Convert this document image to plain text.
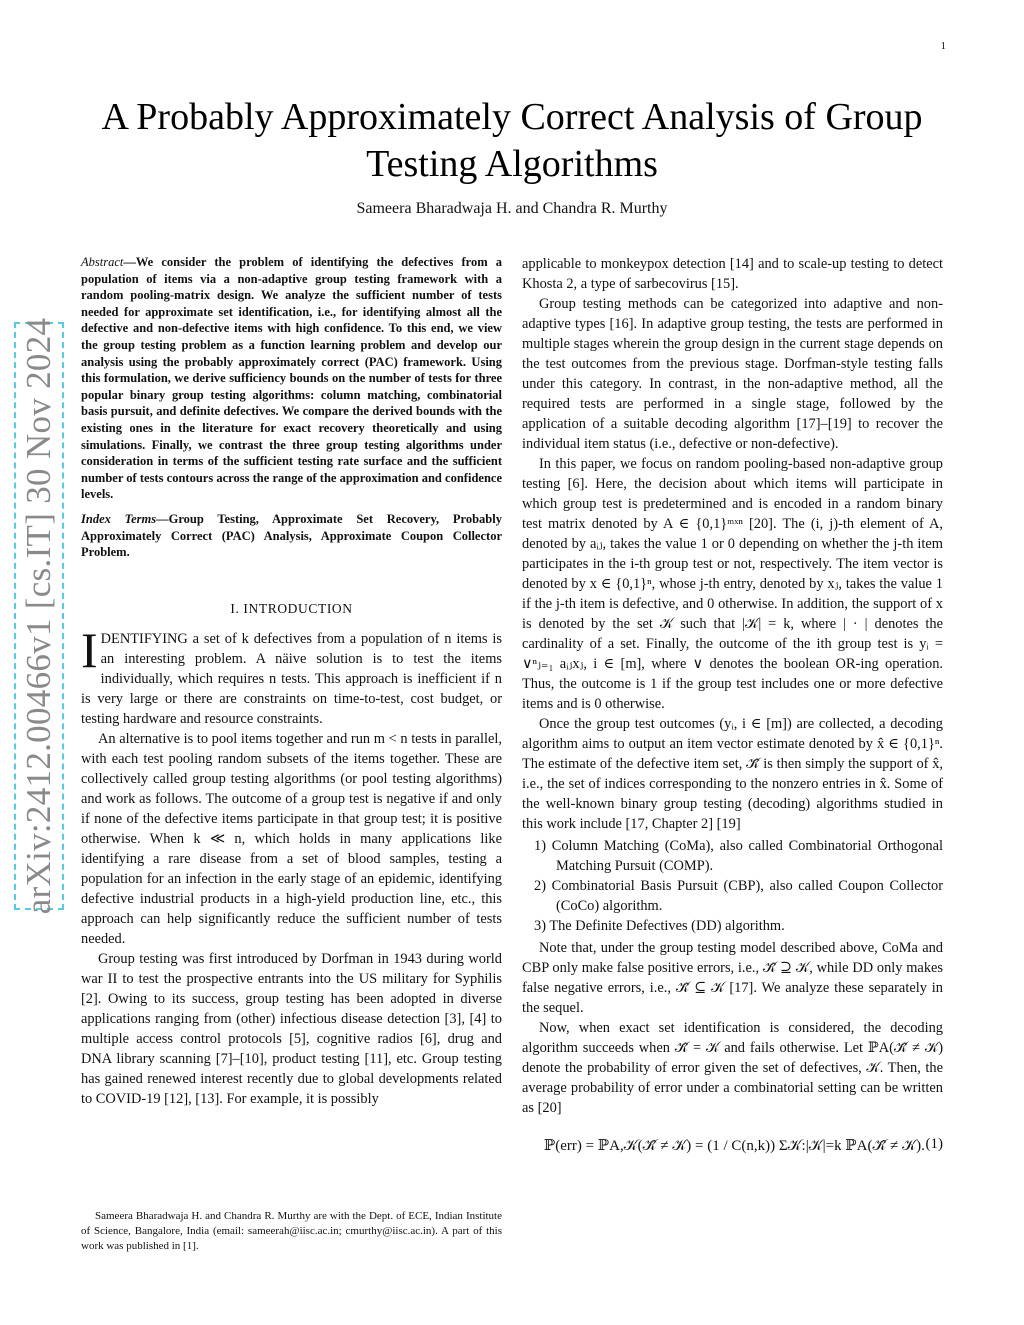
1
arXiv:2412.00466v1 [cs.IT] 30 Nov 2024
A Probably Approximately Correct Analysis of Group Testing Algorithms
Sameera Bharadwaja H. and Chandra R. Murthy

Abstract—We consider the problem of identifying the defectives from a population of items via a non-adaptive group testing framework with a random pooling-matrix design. We analyze the sufficient number of tests needed for approximate set identification, i.e., for identifying almost all the defective and non-defective items with high confidence. To this end, we view the group testing problem as a function learning problem and develop our analysis using the probably approximately correct (PAC) framework. Using this formulation, we derive sufficiency bounds on the number of tests for three popular binary group testing algorithms: column matching, combinatorial basis pursuit, and definite defectives. We compare the derived bounds with the existing ones in the literature for exact recovery theoretically and using simulations. Finally, we contrast the three group testing algorithms under consideration in terms of the sufficient testing rate surface and the sufficient number of tests contours across the range of the approximation and confidence levels.

Index Terms—Group Testing, Approximate Set Recovery, Probably Approximately Correct (PAC) Analysis, Approximate Coupon Collector Problem.

I. INTRODUCTION

IDENTIFYING a set of k defectives from a population of n items is an interesting problem. A näive solution is to test the items individually, which requires n tests. This approach is inefficient if n is very large or there are constraints on time-to-test, cost budget, or testing hardware and resource constraints.

An alternative is to pool items together and run m < n tests in parallel, with each test pooling random subsets of the items together. These are collectively called group testing algorithms (or pool testing algorithms) and work as follows. The outcome of a group test is negative if and only if none of the defective items participate in that group test; it is positive otherwise. When k ≪ n, which holds in many applications like identifying a rare disease from a set of blood samples, testing a population for an infection in the early stage of an epidemic, identifying defective industrial products in a high-yield production line, etc., this approach can help significantly reduce the sufficient number of tests needed.

Group testing was first introduced by Dorfman in 1943 during world war II to test the prospective entrants into the US military for Syphilis [2]. Owing to its success, group testing has been adopted in diverse applications ranging from (other) infectious disease detection [3], [4] to multiple access control protocols [5], cognitive radios [6], drug and DNA library scanning [7]–[10], product testing [11], etc. Group testing has gained renewed interest recently due to global developments related to COVID-19 [12], [13]. For example, it is possibly

Sameera Bharadwaja H. and Chandra R. Murthy are with the Dept. of ECE, Indian Institute of Science, Bangalore, India (email: sameerah@iisc.ac.in; cmurthy@iisc.ac.in). A part of this work was published in [1].

applicable to monkeypox detection [14] and to scale-up testing to detect Khosta 2, a type of sarbecovirus [15].

Group testing methods can be categorized into adaptive and non-adaptive types [16]. In adaptive group testing, the tests are performed in multiple stages wherein the group design in the current stage depends on the test outcomes from the previous stage. Dorfman-style testing falls under this category. In contrast, in the non-adaptive method, all the required tests are performed in a single stage, followed by the application of a suitable decoding algorithm [17]–[19] to recover the individual item status (i.e., defective or non-defective).

In this paper, we focus on random pooling-based non-adaptive group testing [6]. Here, the decision about which items will participate in which group test is predetermined and is encoded in a random binary test matrix denoted by A ∈ {0,1}ᵐˣⁿ [20]. The (i, j)-th element of A, denoted by aᵢⱼ, takes the value 1 or 0 depending on whether the j-th item participates in the i-th group test or not, respectively. The item vector is denoted by x ∈ {0,1}ⁿ, whose j-th entry, denoted by xⱼ, takes the value 1 if the j-th item is defective, and 0 otherwise. In addition, the support of x is denoted by the set 𝒦 such that |𝒦| = k, where | · | denotes the cardinality of a set. Finally, the outcome of the ith group test is yᵢ = ∨ⁿⱼ₌₁ aᵢⱼxⱼ, i ∈ [m], where ∨ denotes the boolean OR-ing operation. Thus, the outcome is 1 if the group test includes one or more defective items and is 0 otherwise.

Once the group test outcomes (yᵢ, i ∈ [m]) are collected, a decoding algorithm aims to output an item vector estimate denoted by x̂ ∈ {0,1}ⁿ. The estimate of the defective item set, 𝒦̂ is then simply the support of x̂, i.e., the set of indices corresponding to the nonzero entries in x̂. Some of the well-known binary group testing (decoding) algorithms studied in this work include [17, Chapter 2] [19]

1) Column Matching (CoMa), also called Combinatorial Orthogonal Matching Pursuit (COMP).
2) Combinatorial Basis Pursuit (CBP), also called Coupon Collector (CoCo) algorithm.
3) The Definite Defectives (DD) algorithm.

Note that, under the group testing model described above, CoMa and CBP only make false positive errors, i.e., 𝒦̂ ⊇ 𝒦, while DD only makes false negative errors, i.e., 𝒦̂ ⊆ 𝒦 [17]. We analyze these separately in the sequel.

Now, when exact set identification is considered, the decoding algorithm succeeds when 𝒦̂ = 𝒦 and fails otherwise. Let ℙA(𝒦̂ ≠ 𝒦) denote the probability of error given the set of defectives, 𝒦. Then, the average probability of error under a combinatorial setting can be written as [20]

ℙ(err) = ℙA,𝒦(𝒦̂ ≠ 𝒦) = (1 / C(n,k)) Σ𝒦:|𝒦|=k ℙA(𝒦̂ ≠ 𝒦). (1)
